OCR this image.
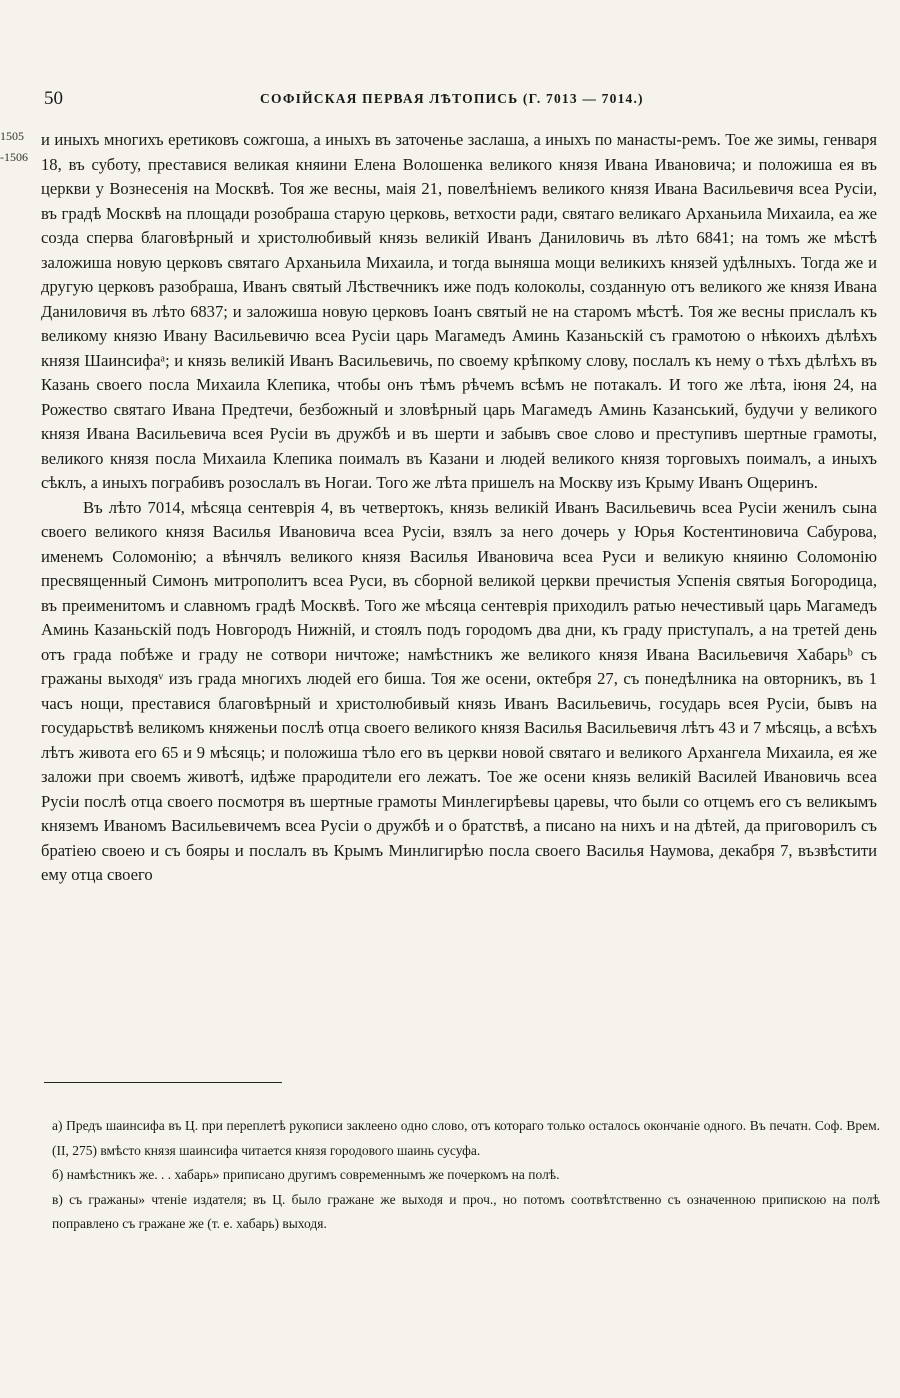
50	СОФІЙСКАЯ ПЕРВАЯ ЛѢТОПИСЬ (Г. 7013 — 7014.)
1505
-1506

и иныхъ многихъ еретиковъ сожгоша, а иныхъ въ заточенье заслаша, а иныхъ по манасты-ремъ. Тое же зимы, генваря 18, въ суботу, преставися великая княини Елена Волошенка великого князя Ивана Ивановича; и положиша ея въ церкви у Вознесенія на Москвѣ. Тоя же весны, маія 21, повелѣніемъ великого князя Ивана Васильевичя всеа Русіи, въ градѣ Москвѣ на площади розобраша старую церковь, ветхости ради, святаго великаго Арханьила Михаила, еа же созда сперва благовѣрный и христолюбивый князь великій Иванъ Даниловичь въ лѣто 6841; на томъ же мѣстѣ заложиша новую церковъ святаго Арханьила Михаила, и тогда выняша мощи великихъ князей удѣлныхъ. Тогда же и другую церковъ разобраша, Иванъ святый Лѣствечникъ иже подъ колоколы, созданную отъ великого же князя Ивана Даниловичя въ лѣто 6837; и заложиша новую церковъ Іоанъ святый не на старомъ мѣстѣ. Тоя же весны прислалъ къ великому князю Ивану Васильевичю всеа Русіи царь Магамедъ Аминь Казаньскій съ грамотою о нѣкоихъ дѣлѣхъ князя Шаинсифаᵃ; и князь великій Иванъ Васильевичь, по своему крѣпкому слову, послалъ къ нему о тѣхъ дѣлѣхъ въ Казань своего посла Михаила Клепика, чтобы онъ тѣмъ рѣчемъ всѣмъ не потакалъ. И того же лѣта, іюня 24, на Рожество святаго Ивана Предтечи, безбожный и зловѣрный царь Магамедъ Аминь Казанський, будучи у великого князя Ивана Васильевича всея Русіи въ дружбѣ и въ шерти и забывъ свое слово и преступивъ шертные грамоты, великого князя посла Михаила Клепика поималъ въ Казани и людей великого князя торговыхъ поималъ, а иныхъ сѣклъ, а иныхъ пограбивъ розослалъ въ Ногаи. Того же лѣта пришелъ на Москву изъ Крыму Иванъ Ощеринъ.

Въ лѣто 7014, мѣсяца сентеврія 4, въ четвертокъ, князь великій Иванъ Васильевичь всеа Русіи женилъ сына своего великого князя Василья Ивановича всеа Русіи, взялъ за него дочерь у Юрья Костентиновича Сабурова, именемъ Соломонію; а вѣнчялъ великого князя Василья Ивановича всеа Руси и великую княиню Соломонію пресвященный Симонъ митрополитъ всеа Руси, въ сборной великой церкви пречистыя Успенія святыя Богородица, въ преименитомъ и славномъ градѣ Москвѣ. Того же мѣсяца сентеврія приходилъ ратью нечестивый царь Магамедъ Аминь Казаньскій подъ Новгородъ Нижній, и стоялъ подъ городомъ два дни, къ граду приступалъ, а на третей день отъ града побѣже и граду не сотвори ничтоже; намѣстникъ же великого князя Ивана Васильевичя Хабарьᵇ съ гражаны выходяᵛ изъ града многихъ людей его биша. Тоя же осени, октебря 27, съ понедѣлника на овторникъ, въ 1 часъ нощи, преставися благовѣрный и христолюбивый князь Иванъ Васильевичь, государь всея Русіи, бывъ на государьствѣ великомъ княженьи послѣ отца своего великого князя Василья Васильевичя лѣтъ 43 и 7 мѣсяць, а всѣхъ лѣтъ живота его 65 и 9 мѣсяць; и положиша тѣло его въ церкви новой святаго и великого Архангела Михаила, ея же заложи при своемъ животѣ, идѣже прародители его лежатъ. Тое же осени князь великій Василей Ивановичь всеа Русіи послѣ отца своего посмотря въ шертные грамоты Минлегирѣевы царевы, что были со отцемъ его съ великымъ княземъ Иваномъ Васильевичемъ всеа Русіи о дружбѣ и о братствѣ, а писано на нихъ и на дѣтей, да приговорилъ съ братіею своею и съ бояры и послалъ въ Крымъ Минлигирѣю посла своего Василья Наумова, декабря 7, възвѣстити ему отца своего

а) Предъ шаинсифа въ Ц. при переплетѣ рукописи заклеено одно слово, отъ котораго только осталось окончаніе одного. Въ печатн. Соф. Врем. (II, 275) вмѣсто князя шаинсифа читается князя городового шаинь сусуфа.

б) намѣстникъ же. . . хабарь» приписано другимъ современнымъ же почеркомъ на полѣ.

в) съ гражаны» чтеніе издателя; въ Ц. было гражане же выходя и проч., но потомъ соотвѣтственно съ означенною припискою на полѣ поправлено съ гражане же (т. е. хабарь) выходя.
